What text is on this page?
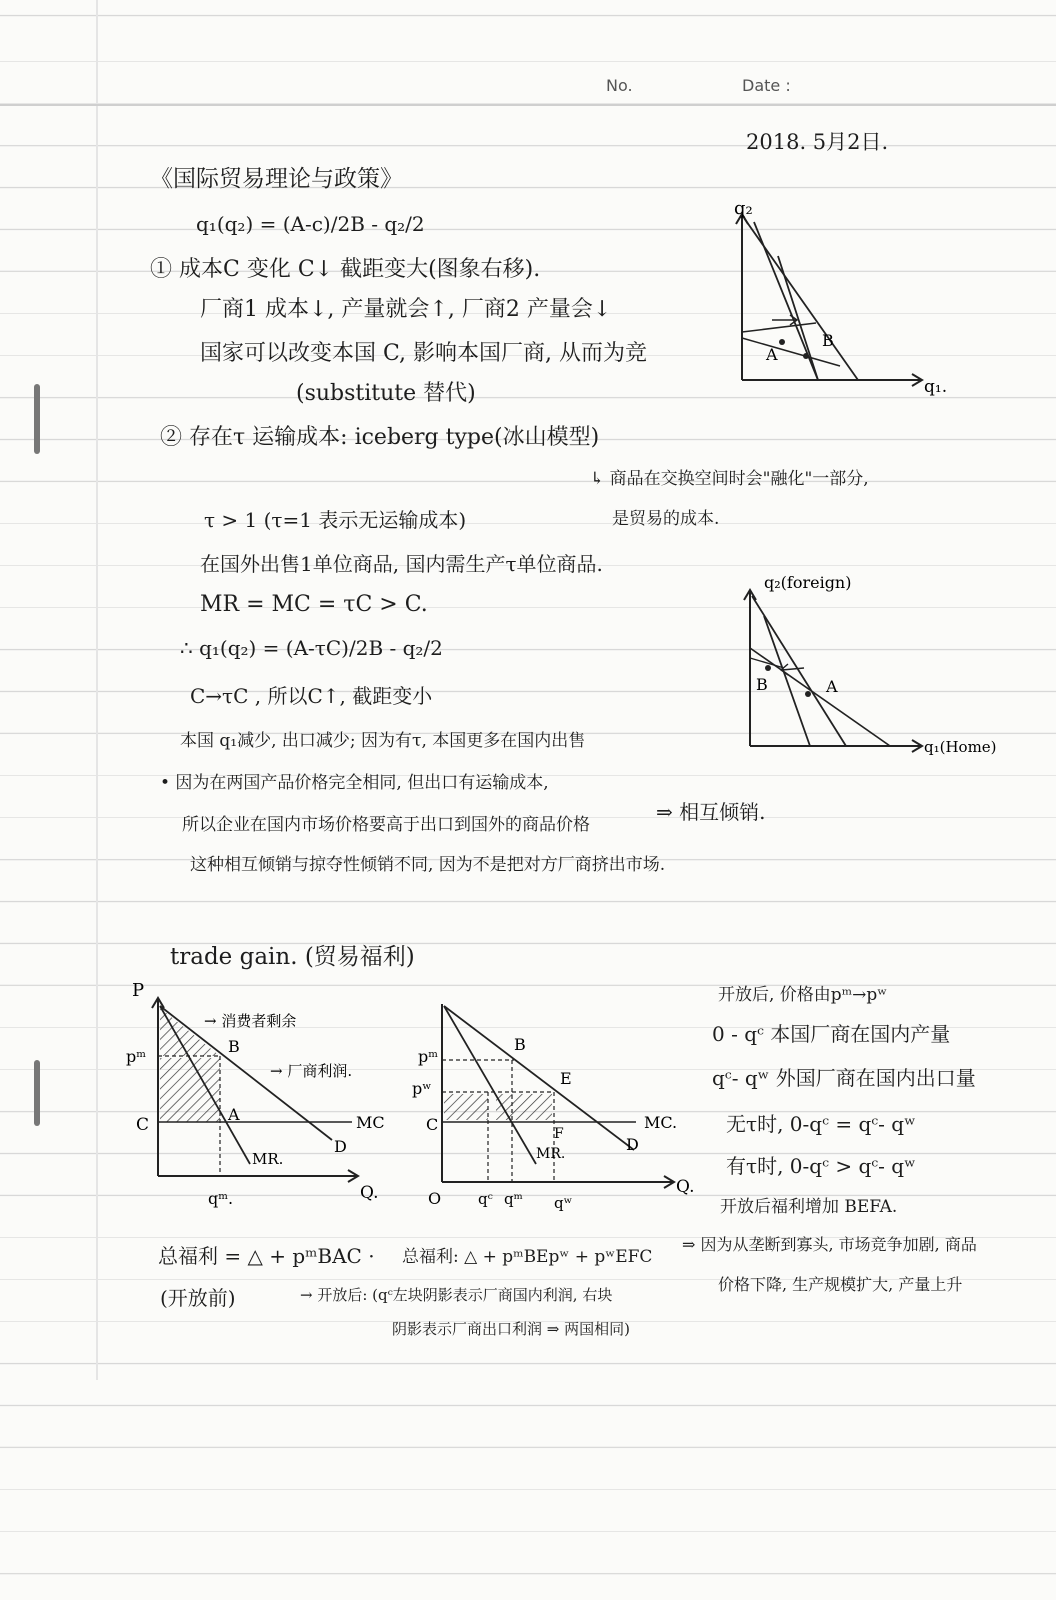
No.	Date :
2018. 5月2日.
《国际贸易理论与政策》
q₁(q₂) = (A-c)/2B - q₂/2
① 成本C 变化 C↓ 截距变大(图象右移).
厂商1 成本↓, 产量就会↑, 厂商2 产量会↓
国家可以改变本国 C, 影响本国厂商, 从而为竞
(substitute 替代)
q₂
q₁.
A
B
② 存在τ 运输成本: iceberg type(冰山模型)
↳ 商品在交换空间时会"融化"一部分,
是贸易的成本.
τ > 1 (τ=1 表示无运输成本)
在国外出售1单位商品, 国内需生产τ单位商品.
MR = MC = τC > C.
∴ q₁(q₂) = (A-τC)/2B - q₂/2
C→τC , 所以C↑, 截距变小
本国 q₁减少, 出口减少; 因为有τ, 本国更多在国内出售
• 因为在两国产品价格完全相同, 但出口有运输成本,
所以企业在国内市场价格要高于出口到国外的商品价格
⇒ 相互倾销.
这种相互倾销与掠夺性倾销不同, 因为不是把对方厂商挤出市场.
q₂(foreign)
q₁(Home)
A
B
trade gain. (贸易福利)
P
pᵐ
C
B
A	MC
D
MR.
Q.
qᵐ.
→ 消费者剩余
→ 厂商利润.
pᵐ
pʷ
C
B
E
F
MC.
D
MR.
Q.
O qᶜ qᵐ qʷ
开放后, 价格由pᵐ→pʷ
0 - qᶜ 本国厂商在国内产量
qᶜ- qʷ 外国厂商在国内出口量
无τ时, 0-qᶜ = qᶜ- qʷ
有τ时, 0-qᶜ > qᶜ- qʷ
开放后福利增加 BEFA.
总福利 = △ + pᵐBAC · 总福利: △ + pᵐBEpʷ + pʷEFC
(开放前)	→ 开放后: (qᶜ左块阴影表示厂商国内利润, 右块
阴影表示厂商出口利润 ⇒ 两国相同)
⇒ 因为从垄断到寡头, 市场竞争加剧, 商品
价格下降, 生产规模扩大, 产量上升
